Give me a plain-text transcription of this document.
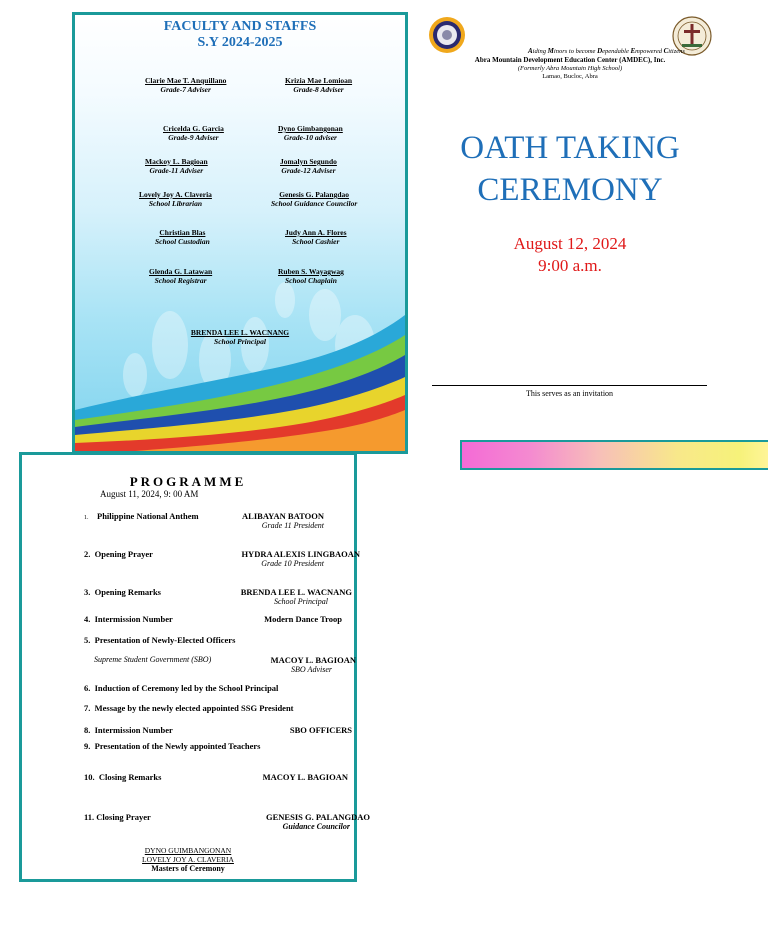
FACULTY AND STAFFS
S.Y 2024-2025
Clarie Mae T. Anquillano
Grade-7 Adviser
Krizia Mae Lomioan
Grade-8 Adviser
Cricelda G. Garcia
Grade-9 Adviser
Dyno Gimbangonan
Grade-10 adviser
Mackoy L. Bagioan
Grade-11 Adviser
Jomalyn Segundo
Grade-12 Adviser
Lovely Joy A. Claveria
School Librarian
Genesis G. Palangdao
School Guidance Councilor
Christian Blas
School Custodian
Judy Ann A. Flores
School Cashier
Glenda G. Latawan
School Registrar
Ruben S. Wayagwag
School Chaplain
BRENDA LEE L. WACNANG
School Principal
Aiding Minors to become Dependable Empowered Citizens
Abra Mountain Development Education Center (AMDEC), Inc.
(Formerly Abra Mountain High School)
Lamao, Bucloc, Abra
OATH TAKING
CEREMONY
August 12, 2024
9:00 a.m.
This serves as an invitation
PROGRAMME
August 11, 2024, 9: 00 AM
1. Philippine National Anthem	ALIBAYAN BATOON
Grade 11 President
2. Opening Prayer	HYDRA ALEXIS LINGBAOAN
Grade 10 President
3. Opening Remarks	BRENDA LEE L. WACNANG
School Principal
4. Intermission Number	Modern Dance Troop
5. Presentation of Newly-Elected Officers
Supreme Student Government (SBO)	MACOY L. BAGIOAN
SBO Adviser
6. Induction of Ceremony led by the School Principal
7. Message by the newly elected appointed SSG President
8. Intermission Number	SBO OFFICERS
9. Presentation of the Newly appointed Teachers
10. Closing Remarks	MACOY L. BAGIOAN
11. Closing Prayer	GENESIS G. PALANGDAO
Guidance Councilor
DYNO GUIMBANGONAN
LOVELY JOY A. CLAVERIA
Masters of Ceremony
